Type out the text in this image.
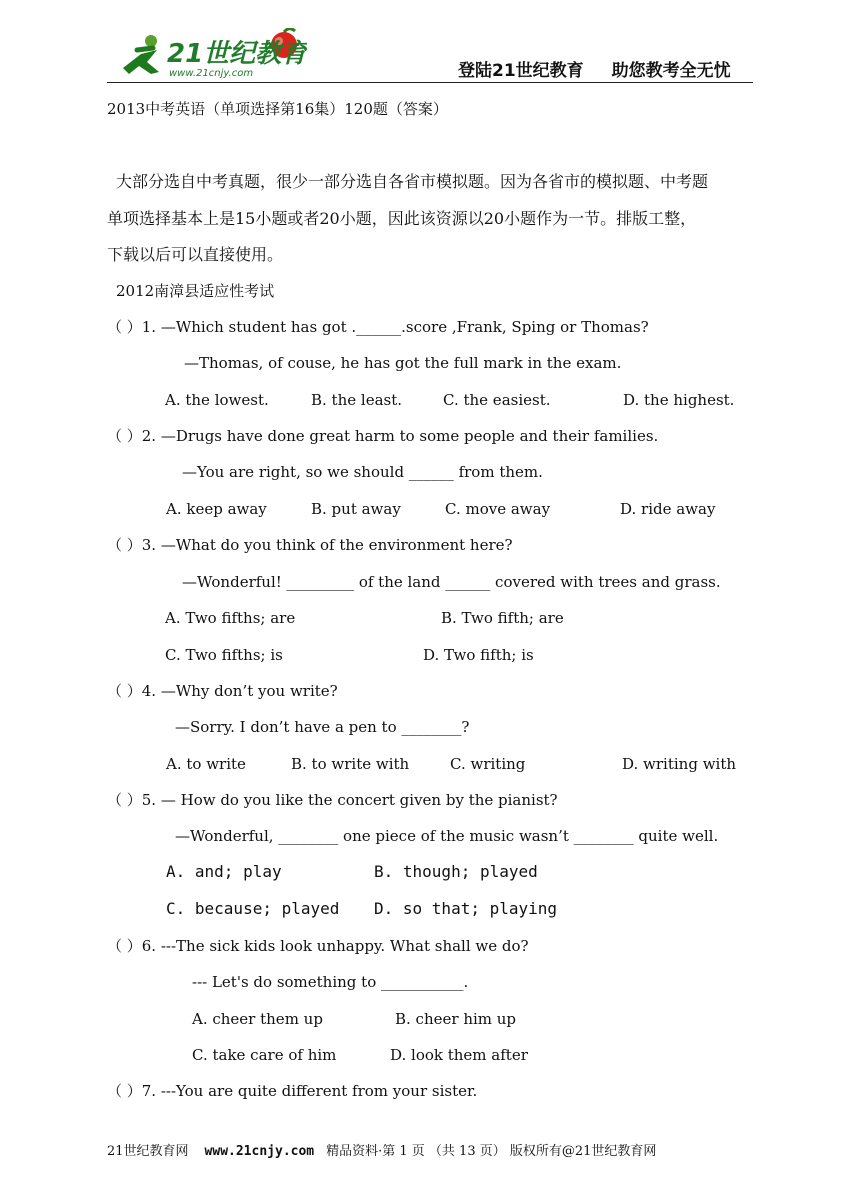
21世纪教育
www.21cnjy.com	登陆21世纪教育 助您教考全无忧
2013中考英语（单项选择第16集）120题（答案）
大部分选自中考真题，很少一部分选自各省市模拟题。因为各省市的模拟题、中考题
单项选择基本上是15小题或者20小题，因此该资源以20小题作为一节。排版工整，
下载以后可以直接使用。
2012南漳县适应性考试
（ ）1. —Which student has got .______.score ,Frank, Sping or Thomas?
—Thomas, of couse, he has got the full mark in the exam.
A. the lowest.	B. the least.	C. the easiest.	D. the highest.
（ ）2. —Drugs have done great harm to some people and their families.
—You are right, so we should ______ from them.
A. keep away	B. put away	C. move away	D. ride away
（ ）3. —What do you think of the environment here?
—Wonderful! _________ of the land ______ covered with trees and grass.
A. Two fifths; are	B. Two fifth; are
C. Two fifths; is	D. Two fifth; is
（ ）4. —Why don’t you write?
—Sorry. I don’t have a pen to ________?
A. to write	B. to write with	C. writing	D. writing with
（ ）5. — How do you like the concert given by the pianist?
—Wonderful, ________ one piece of the music wasn’t ________ quite well.
A. and; play	B. though; played
C. because; played D. so that; playing
（ ）6. ---The sick kids look unhappy. What shall we do?
--- Let's do something to ___________.
A. cheer them up	B. cheer him up
C. take care of him	D. look them after
（ ）7. ---You are quite different from your sister.
21世纪教育网 www.21cnjy.com 精品资料·第 1 页 （共 13 页） 版权所有@21世纪教育网
